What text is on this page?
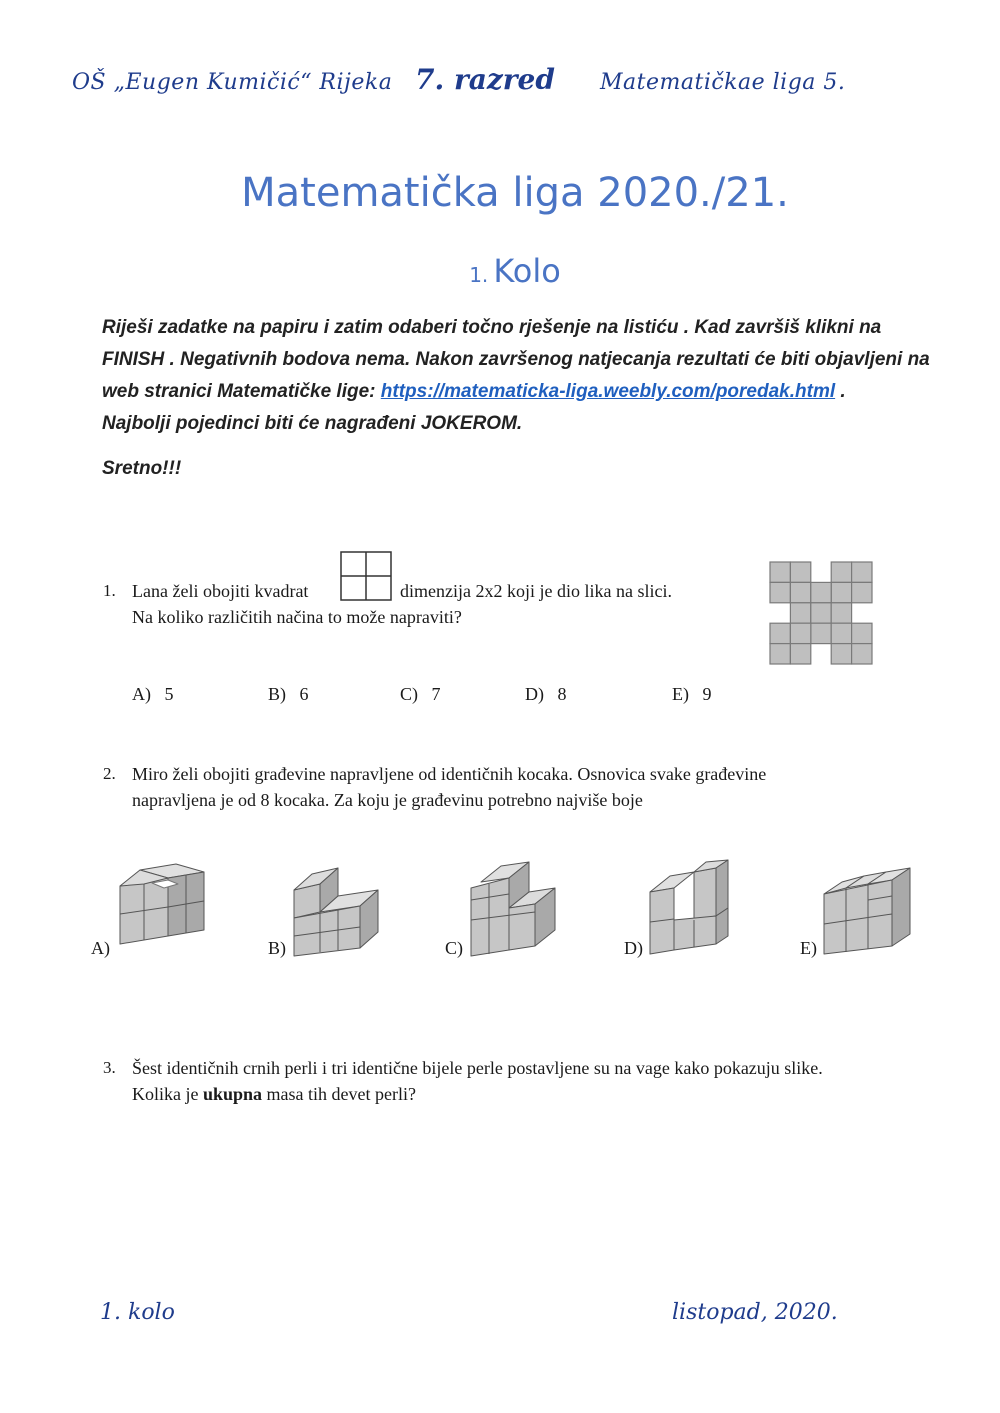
OŠ „Eugen Kumičić“ Rijeka 7. razred Matematičkae liga 5.
Matematička liga 2020./21.
1. Kolo
Riješi zadatke na papiru i zatim odaberi točno rješenje na listiću . Kad završiš klikni na FINISH . Negativnih bodova nema. Nakon završenog natjecanja rezultati će biti objavljeni na web stranici Matematičke lige: https://matematicka-liga.weebly.com/poredak.html .
Najbolji pojedinci biti će nagrađeni JOKEROM.
Sretno!!!
1. Lana želi obojiti kvadrat	dimenzija 2x2 koji je dio lika na slici.
Na koliko različitih načina to može napraviti?
A) 5	B) 6	C) 7	D) 8	E) 9
2. Miro želi obojiti građevine napravljene od identičnih kocaka. Osnovica svake građevine
napravljena je od 8 kocaka. Za koju je građevinu potrebno najviše boje
A)	B)	C)	D)	E)
3. Šest identičnih crnih perli i tri identične bijele perle postavljene su na vage kako pokazuju slike.
Kolika je ukupna masa tih devet perli?
1. kolo	listopad, 2020.
